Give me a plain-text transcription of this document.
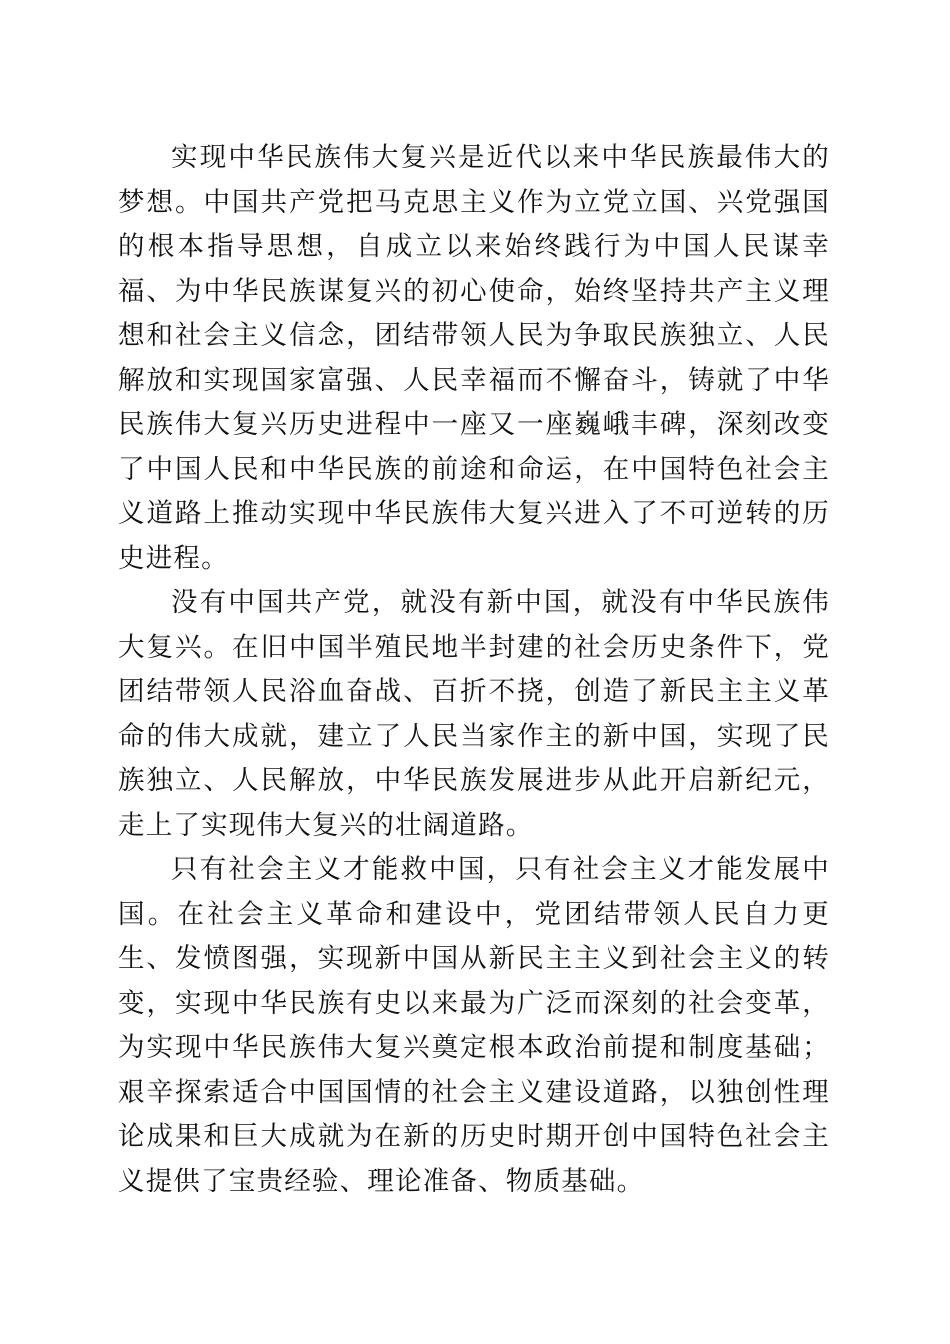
实现中华民族伟大复兴是近代以来中华民族最伟大的梦想。中国共产党把马克思主义作为立党立国、兴党强国的根本指导思想，自成立以来始终践行为中国人民谋幸福、为中华民族谋复兴的初心使命，始终坚持共产主义理想和社会主义信念，团结带领人民为争取民族独立、人民解放和实现国家富强、人民幸福而不懈奋斗，铸就了中华民族伟大复兴历史进程中一座又一座巍峨丰碑，深刻改变了中国人民和中华民族的前途和命运，在中国特色社会主义道路上推动实现中华民族伟大复兴进入了不可逆转的历史进程。

没有中国共产党，就没有新中国，就没有中华民族伟大复兴。在旧中国半殖民地半封建的社会历史条件下，党团结带领人民浴血奋战、百折不挠，创造了新民主主义革命的伟大成就，建立了人民当家作主的新中国，实现了民族独立、人民解放，中华民族发展进步从此开启新纪元，走上了实现伟大复兴的壮阔道路。

只有社会主义才能救中国，只有社会主义才能发展中国。在社会主义革命和建设中，党团结带领人民自力更生、发愤图强，实现新中国从新民主主义到社会主义的转变，实现中华民族有史以来最为广泛而深刻的社会变革，为实现中华民族伟大复兴奠定根本政治前提和制度基础；艰辛探索适合中国国情的社会主义建设道路，以独创性理论成果和巨大成就为在新的历史时期开创中国特色社会主义提供了宝贵经验、理论准备、物质基础。
